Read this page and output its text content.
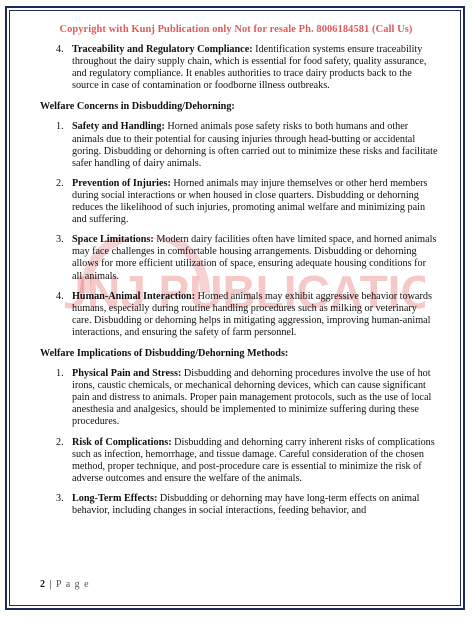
Copyright with Kunj Publication only Not for resale Ph. 8006184581 (Call Us)
UNJ PUBLICATIO
4. Traceability and Regulatory Compliance: Identification systems ensure traceability throughout the dairy supply chain, which is essential for food safety, quality assurance, and regulatory compliance. It enables authorities to trace dairy products back to the source in case of contamination or foodborne illness outbreaks.

Welfare Concerns in Disbudding/Dehorning:
1. Safety and Handling: Horned animals pose safety risks to both humans and other animals due to their potential for causing injuries through head-butting or accidental goring. Disbudding or dehorning is often carried out to minimize these risks and facilitate safer handling of dairy animals.

2. Prevention of Injuries: Horned animals may injure themselves or other herd members during social interactions or when housed in close quarters. Disbudding or dehorning reduces the likelihood of such injuries, promoting animal welfare and minimizing pain and suffering.

3. Space Limitations: Modern dairy facilities often have limited space, and horned animals may face challenges in comfortable housing arrangements. Disbudding or dehorning allows for more efficient utilization of space, ensuring adequate housing conditions for all animals.

4. Human-Animal Interaction: Horned animals may exhibit aggressive behavior towards humans, especially during routine handling procedures such as milking or veterinary care. Disbudding or dehorning helps in mitigating aggression, improving human-animal interactions, and ensuring the safety of farm personnel.

Welfare Implications of Disbudding/Dehorning Methods:
1. Physical Pain and Stress: Disbudding and dehorning procedures involve the use of hot irons, caustic chemicals, or mechanical dehorning devices, which can cause significant pain and distress to animals. Proper pain management protocols, such as the use of local anesthesia and analgesics, should be implemented to minimize suffering during these procedures.

2. Risk of Complications: Disbudding and dehorning carry inherent risks of complications such as infection, hemorrhage, and tissue damage. Careful consideration of the chosen method, proper technique, and post-procedure care is essential to minimize the risk of adverse outcomes and ensure the welfare of the animals.

3. Long-Term Effects: Disbudding or dehorning may have long-term effects on animal behavior, including changes in social interactions, feeding behavior, and

2 | P a g e
